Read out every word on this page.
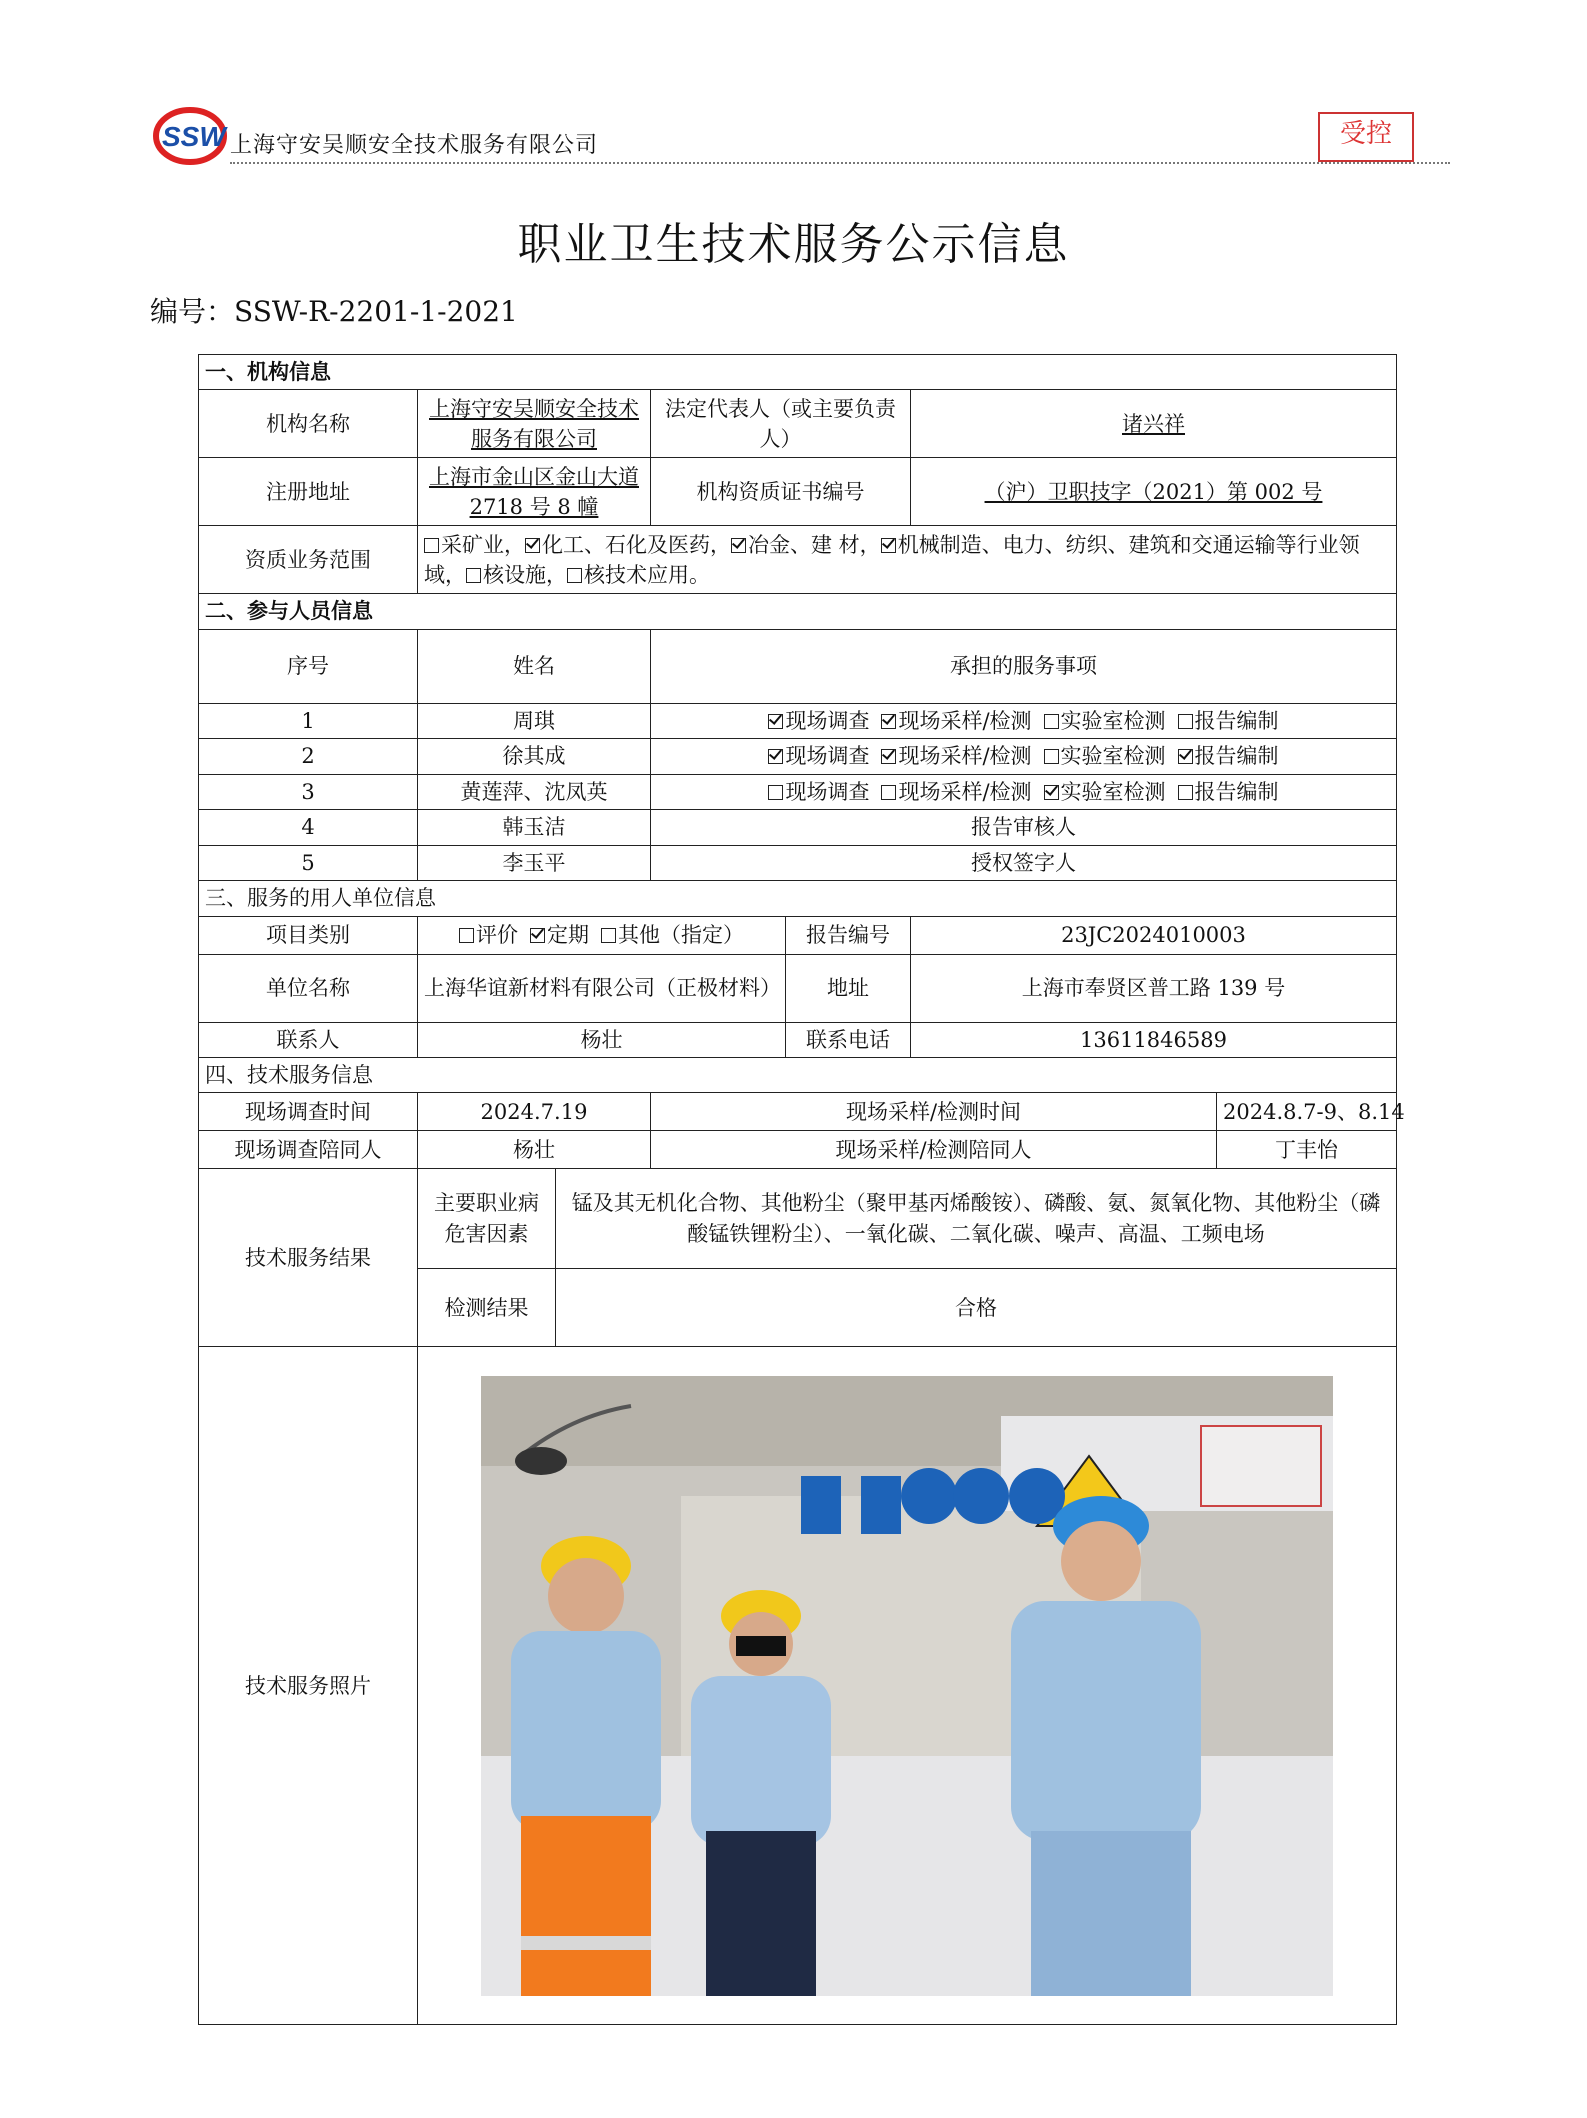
SSW 上海守安吴顺安全技术服务有限公司	受控
职业卫生技术服务公示信息
编号：SSW-R-2201-1-2021
一、机构信息						
机构名称	上海守安吴顺安全技术服务有限公司		法定代表人（或主要负责人）		诸兴祥	
注册地址	上海市金山区金山大道 2718 号 8 幢		机构资质证书编号		（沪）卫职技字（2021）第 002 号	
资质业务范围	采矿业， 化工、石化及医药， 冶金、建 材， 机械制造、电力、纺织、建筑和交通运输等行业领域， 核设施， 核技术应用。					
二、参与人员信息						
序号	姓名		承担的服务事项			
1	周琪		现场调查 现场采样/检测 实验室检测 报告编制			
2	徐其成		现场调查 现场采样/检测 实验室检测 报告编制			
3	黄莲萍、沈凤英		现场调查 现场采样/检测 实验室检测 报告编制			
4	韩玉洁		报告审核人			
5	李玉平		授权签字人			
三、服务的用人单位信息						
项目类别	评价 定期 其他（指定）			报告编号	23JC2024010003	
单位名称	上海华谊新材料有限公司（正极材料）			地址	上海市奉贤区普工路 139 号	
联系人	杨壮			联系电话	13611846589	
四、技术服务信息						
现场调查时间	2024.7.19		现场采样/检测时间			2024.8.7-9、8.14
现场调查陪同人	杨壮		现场采样/检测陪同人			丁丰怡
技术服务结果	主要职业病危害因素	锰及其无机化合物、其他粉尘（聚甲基丙烯酸铵）、磷酸、氨、氮氧化物、其他粉尘（磷酸锰铁锂粉尘）、一氧化碳、二氧化碳、噪声、高温、工频电场				
	检测结果	合格				
技术服务照片	
